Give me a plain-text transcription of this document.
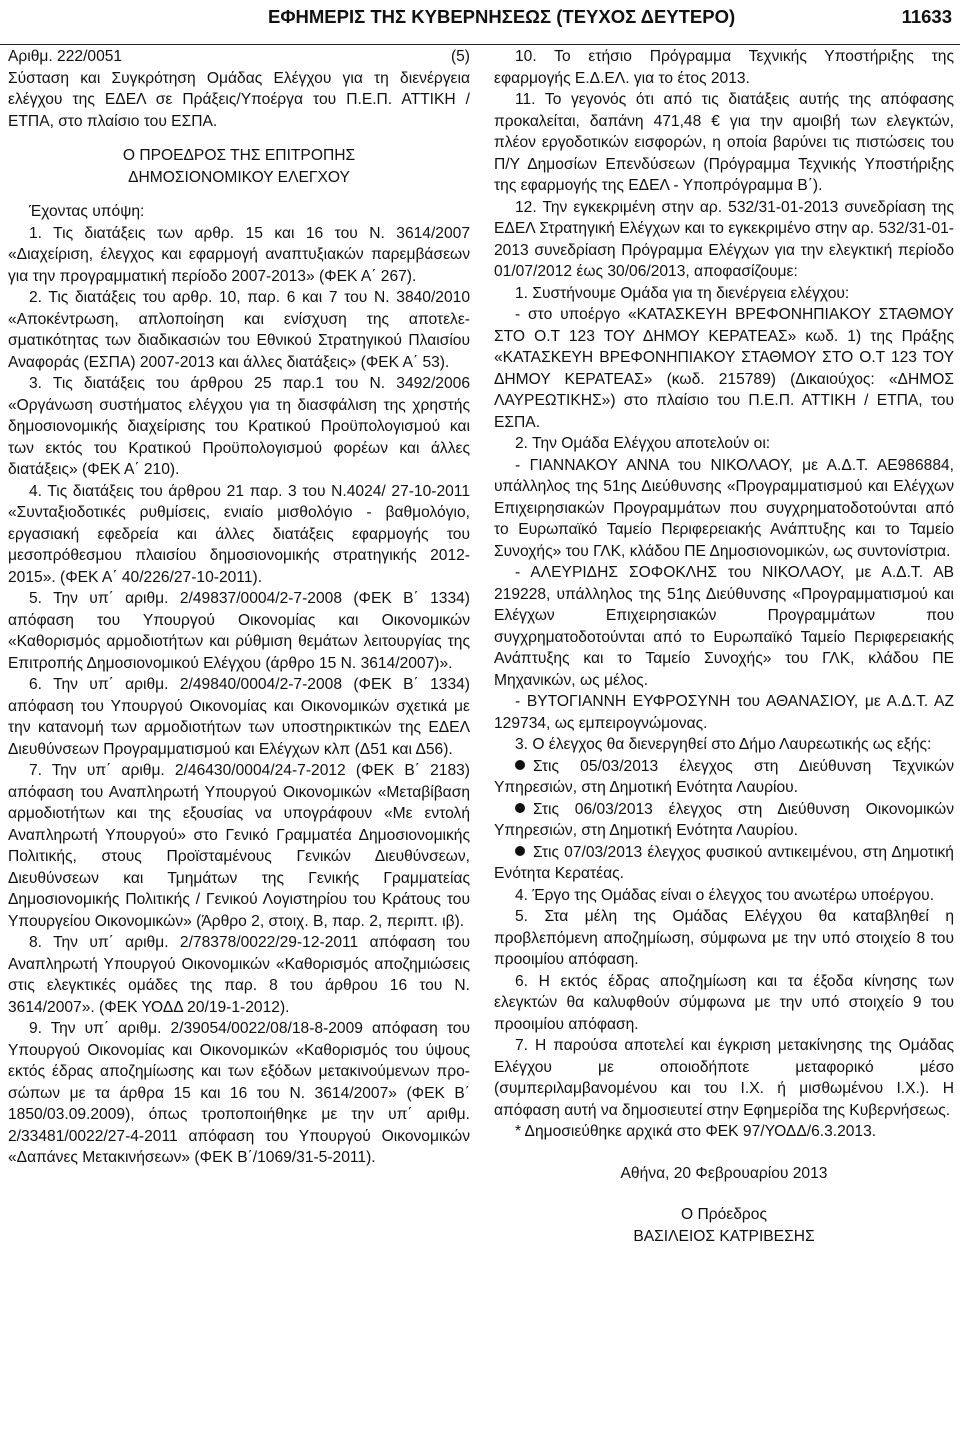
ΕΦΗΜΕΡΙΣ ΤΗΣ ΚΥΒΕΡΝΗΣΕΩΣ (ΤΕΥΧΟΣ ΔΕΥΤΕΡΟ)	11633

Αριθμ. 222/0051	(5)

Σύσταση και Συγκρότηση Ομάδας Ελέγχου για τη διενέργεια ελέγχου της ΕΔΕΛ σε Πράξεις/Υποέργα του Π.Ε.Π. ΑΤΤΙΚΗ / ΕΤΠΑ, στο πλαίσιο του ΕΣΠΑ.

Ο ΠΡΟΕΔΡΟΣ ΤΗΣ ΕΠΙΤΡΟΠΗΣ

ΔΗΜΟΣΙΟΝΟΜΙΚΟΥ ΕΛΕΓΧΟΥ

Έχοντας υπόψη:

1. Τις διατάξεις των αρθρ. 15 και 16 του Ν. 3614/2007 «Διαχείριση, έλεγχος και εφαρμογή αναπτυξιακών παρεμβάσεων για την προγραμματική περίοδο 2007-2013» (ΦΕΚ Α΄ 267).

2. Τις διατάξεις του αρθρ. 10, παρ. 6 και 7 του Ν. 3840/2010 «Αποκέντρωση, απλοποίηση και ενίσχυση της αποτελεσματικότητας των διαδικασιών του Εθνικού Στρατηγικού Πλαισίου Αναφοράς (ΕΣΠΑ) 2007-2013 και άλλες διατάξεις» (ΦΕΚ Α΄ 53).

3. Τις διατάξεις του άρθρου 25 παρ.1 του Ν. 3492/2006 «Οργάνωση συστήματος ελέγχου για τη διασφάλιση της χρηστής δημοσιονομικής διαχείρισης του Κρατικού Προϋπολογισμού και των εκτός του Κρατικού Προϋπολογισμού φορέων και άλλες διατάξεις» (ΦΕΚ Α΄ 210).

4. Τις διατάξεις του άρθρου 21 παρ. 3 του Ν.4024/ 27-10-2011 «Συνταξιοδοτικές ρυθμίσεις, ενιαίο μισθολόγιο - βαθμολόγιο, εργασιακή εφεδρεία και άλλες διατάξεις εφαρμογής του μεσοπρόθεσμου πλαισίου δημοσιονομικής στρατηγικής 2012-2015». (ΦΕΚ Α΄ 40/226/27-10-2011).

5. Την υπ΄ αριθμ. 2/49837/0004/2-7-2008 (ΦΕΚ Β΄ 1334) απόφαση του Υπουργού Οικονομίας και Οικονομικών «Καθορισμός αρμοδιοτήτων και ρύθμιση θεμάτων λειτουργίας της Επιτροπής Δημοσιονομικού Ελέγχου (άρθρο 15 Ν. 3614/2007)».

6. Την υπ΄ αριθμ. 2/49840/0004/2-7-2008 (ΦΕΚ Β΄ 1334) απόφαση του Υπουργού Οικονομίας και Οικονομικών σχετικά με την κατανομή των αρμοδιοτήτων των υποστηρικτικών της ΕΔΕΛ Διευθύνσεων Προγραμματισμού και Ελέγχων κλπ (Δ51 και Δ56).

7. Την υπ΄ αριθμ. 2/46430/0004/24-7-2012 (ΦΕΚ Β΄ 2183) απόφαση του Αναπληρωτή Υπουργού Οικονομικών «Μεταβίβαση αρμοδιοτήτων και της εξουσίας να υπογράφουν «Με εντολή Αναπληρωτή Υπουργού» στο Γενικό Γραμματέα Δημοσιονομικής Πολιτικής, στους Προϊσταμένους Γενικών Διευθύνσεων, Διευθύνσεων και Τμημάτων της Γενικής Γραμματείας Δημοσιονομικής Πολιτικής / Γενικού Λογιστηρίου του Κράτους του Υπουργείου Οικονομικών» (Άρθρο 2, στοιχ. Β, παρ. 2, περιπτ. ιβ).

8. Την υπ΄ αριθμ. 2/78378/0022/29-12-2011 απόφαση του Αναπληρωτή Υπουργού Οικονομικών «Καθορισμός αποζημιώσεις στις ελεγκτικές ομάδες της παρ. 8 του άρθρου 16 του Ν. 3614/2007». (ΦΕΚ ΥΟΔΔ 20/19-1-2012).

9. Την υπ΄ αριθμ. 2/39054/0022/08/18-8-2009 απόφαση του Υπουργού Οικονομίας και Οικονομικών «Καθορισμός του ύψους εκτός έδρας αποζημίωσης και των εξόδων μετακινούμενων προσώπων με τα άρθρα 15 και 16 του Ν. 3614/2007» (ΦΕΚ Β΄ 1850/03.09.2009), όπως τροποποιήθηκε με την υπ΄ αριθμ. 2/33481/0022/27-4-2011 απόφαση του Υπουργού Οικονομικών «Δαπάνες Μετακινήσεων» (ΦΕΚ Β΄/1069/31-5-2011).

10. Το ετήσιο Πρόγραμμα Τεχνικής Υποστήριξης της εφαρμογής Ε.Δ.ΕΛ. για το έτος 2013.

11. Το γεγονός ότι από τις διατάξεις αυτής της απόφασης προκαλείται, δαπάνη 471,48 € για την αμοιβή των ελεγκτών, πλέον εργοδοτικών εισφορών, η οποία βαρύνει τις πιστώσεις του Π/Υ Δημοσίων Επενδύσεων (Πρόγραμμα Τεχνικής Υποστήριξης της εφαρμογής της ΕΔΕΛ - Υποπρόγραμμα Β΄).

12. Την εγκεκριμένη στην αρ. 532/31-01-2013 συνεδρίαση της ΕΔΕΛ Στρατηγική Ελέγχων και το εγκεκριμένο στην αρ. 532/31-01-2013 συνεδρίαση Πρόγραμμα Ελέγχων για την ελεγκτική περίοδο 01/07/2012 έως 30/06/2013, αποφασίζουμε:

1. Συστήνουμε Ομάδα για τη διενέργεια ελέγχου:

- στο υποέργο «ΚΑΤΑΣΚΕΥΗ ΒΡΕΦΟΝΗΠΙΑΚΟΥ ΣΤΑΘΜΟΥ ΣΤΟ Ο.Τ 123 ΤΟΥ ΔΗΜΟΥ ΚΕΡΑΤΕΑΣ» κωδ. 1) της Πράξης «ΚΑΤΑΣΚΕΥΗ ΒΡΕΦΟΝΗΠΙΑΚΟΥ ΣΤΑΘΜΟΥ ΣΤΟ Ο.Τ 123 ΤΟΥ ΔΗΜΟΥ ΚΕΡΑΤΕΑΣ» (κωδ. 215789) (Δικαιούχος: «ΔΗΜΟΣ ΛΑΥΡΕΩΤΙΚΗΣ») στο πλαίσιο του Π.Ε.Π. ΑΤΤΙΚΗ / ΕΤΠΑ, του ΕΣΠΑ.

2. Την Ομάδα Ελέγχου αποτελούν οι:

- ΓΙΑΝΝΑΚΟΥ ΑΝΝΑ του ΝΙΚΟΛΑΟΥ, με Α.Δ.Τ. ΑΕ986884, υπάλληλος της 51ης Διεύθυνσης «Προγραμματισμού και Ελέγχων Επιχειρησιακών Προγραμμάτων που συγχρηματοδοτούνται από το Ευρωπαϊκό Ταμείο Περιφερειακής Ανάπτυξης και το Ταμείο Συνοχής» του ΓΛΚ, κλάδου ΠΕ Δημοσιονομικών, ως συντονίστρια.

- ΑΛΕΥΡΙΔΗΣ ΣΟΦΟΚΛΗΣ του ΝΙΚΟΛΑΟΥ, με Α.Δ.Τ. ΑΒ 219228, υπάλληλος της 51ης Διεύθυνσης «Προγραμματισμού και Ελέγχων Επιχειρησιακών Προγραμμάτων που συγχρηματοδοτούνται από το Ευρωπαϊκό Ταμείο Περιφερειακής Ανάπτυξης και το Ταμείο Συνοχής» του ΓΛΚ, κλάδου ΠΕ Μηχανικών, ως μέλος.

- ΒΥΤΟΓΙΑΝΝΗ ΕΥΦΡΟΣΥΝΗ του ΑΘΑΝΑΣΙΟΥ, με Α.Δ.Τ. ΑΖ 129734, ως εμπειρογνώμονας.

3. Ο έλεγχος θα διενεργηθεί στο Δήμο Λαυρεωτικής ως εξής:

Στις 05/03/2013 έλεγχος στη Διεύθυνση Τεχνικών Υπηρεσιών, στη Δημοτική Ενότητα Λαυρίου.

Στις 06/03/2013 έλεγχος στη Διεύθυνση Οικονομικών Υπηρεσιών, στη Δημοτική Ενότητα Λαυρίου.

Στις 07/03/2013 έλεγχος φυσικού αντικειμένου, στη Δημοτική Ενότητα Κερατέας.

4. Έργο της Ομάδας είναι ο έλεγχος του ανωτέρω υποέργου.

5. Στα μέλη της Ομάδας Ελέγχου θα καταβληθεί η προβλεπόμενη αποζημίωση, σύμφωνα με την υπό στοιχείο 8 του προοιμίου απόφαση.

6. Η εκτός έδρας αποζημίωση και τα έξοδα κίνησης των ελεγκτών θα καλυφθούν σύμφωνα με την υπό στοιχείο 9 του προοιμίου απόφαση.

7. Η παρούσα αποτελεί και έγκριση μετακίνησης της Ομάδας Ελέγχου με οποιοδήποτε μεταφορικό μέσο (συμπεριλαμβανομένου και του Ι.Χ. ή μισθωμένου Ι.Χ.). Η απόφαση αυτή να δημοσιευτεί στην Εφημερίδα της Κυβερνήσεως.

* Δημοσιεύθηκε αρχικά στο ΦΕΚ 97/ΥΟΔΔ/6.3.2013.

Αθήνα, 20 Φεβρουαρίου 2013

Ο Πρόεδρος

ΒΑΣΙΛΕΙΟΣ ΚΑΤΡΙΒΕΣΗΣ
